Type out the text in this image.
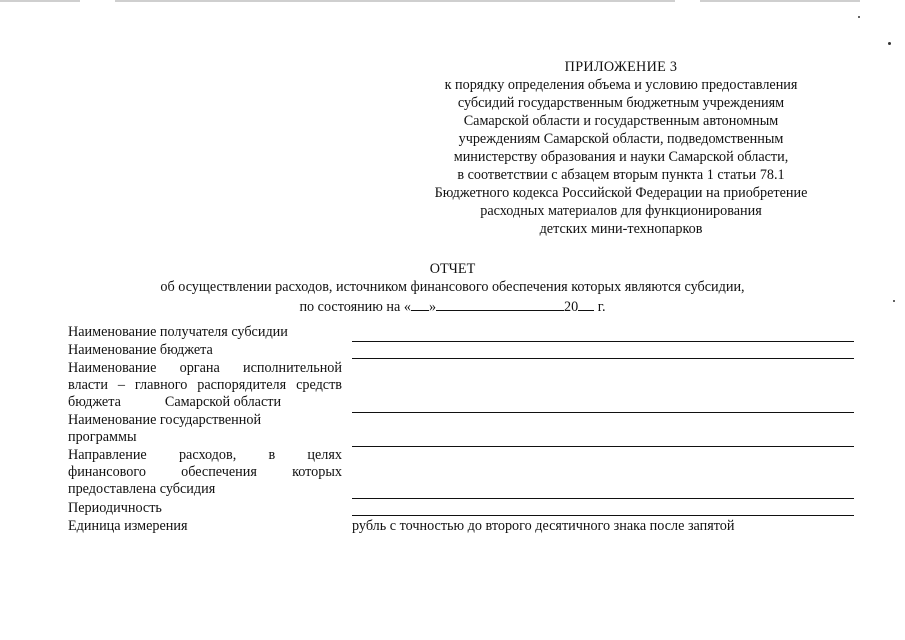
ПРИЛОЖЕНИЕ 3
к порядку определения объема и условию предоставления
субсидий государственным бюджетным учреждениям
Самарской области и государственным автономным
учреждениям Самарской области, подведомственным
министерству образования и науки Самарской области,
в соответствии с абзацем вторым пункта 1 статьи 78.1
Бюджетного кодекса Российской Федерации на приобретение
расходных материалов для функционирования
детских мини-технопарков
ОТЧЕТ
об осуществлении расходов, источником финансового обеспечения которых являются субсидии,
по состоянию на « »	20 г.
Наименование получателя субсидии
Наименование бюджета
Наименование органа исполнительной
власти – главного распорядителя средств
бюджета	Самарской области
Наименование государственной
программы
Направление расходов, в целях
финансового обеспечения которых
предоставлена субсидия
Периодичность
Единица измерения	рубль с точностью до второго десятичного знака после запятой
